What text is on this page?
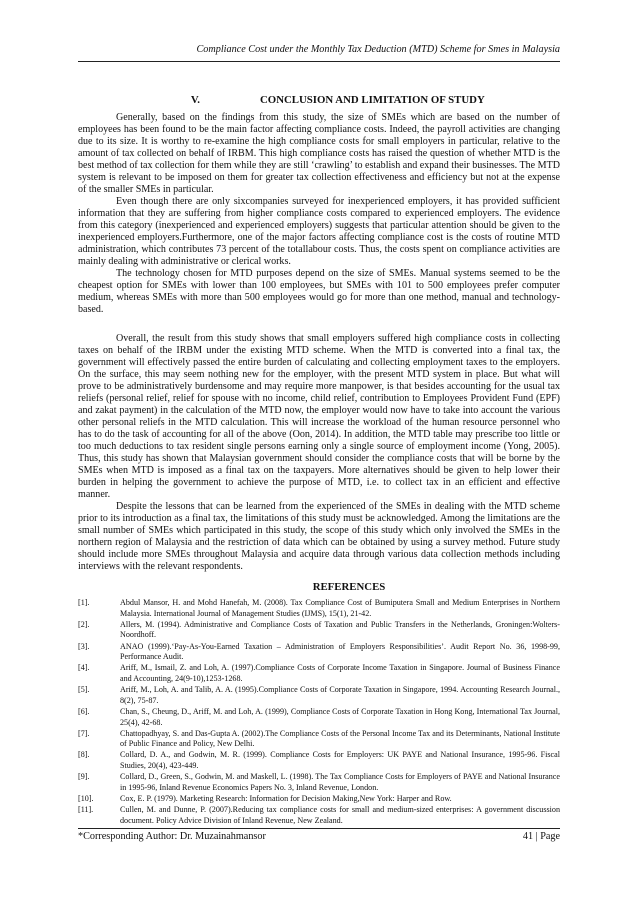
Compliance Cost under the Monthly Tax Deduction (MTD) Scheme for Smes in Malaysia
V.	CONCLUSION AND LIMITATION OF STUDY

Generally, based on the findings from this study, the size of SMEs which are based on the number of employees has been found to be the main factor affecting compliance costs. Indeed, the payroll activities are changing due to its size. It is worthy to re-examine the high compliance costs for small employers in particular, relative to the amount of tax collected on behalf of IRBM. This high compliance costs has raised the question of whether MTD is the best method of tax collection for them while they are still ‘crawling’ to establish and expand their businesses. The MTD system is relevant to be imposed on them for greater tax collection effectiveness and efficiency but not at the expense of the smaller SMEs in particular.

Even though there are only sixcompanies surveyed for inexperienced employers, it has provided sufficient information that they are suffering from higher compliance costs compared to experienced employers. The evidence from this category (inexperienced and experienced employers) suggests that particular attention should be given to the inexperienced employers.Furthermore, one of the major factors affecting compliance cost is the costs of routine MTD administration, which contributes 73 percent of the totallabour costs. Thus, the costs spent on compliance activities are mainly dealing with administrative or clerical works.

The technology chosen for MTD purposes depend on the size of SMEs. Manual systems seemed to be the cheapest option for SMEs with lower than 100 employees, but SMEs with 101 to 500 employees prefer computer medium, whereas SMEs with more than 500 employees would go for more than one method, manual and technology-based.

Overall, the result from this study shows that small employers suffered high compliance costs in collecting taxes on behalf of the IRBM under the existing MTD scheme. When the MTD is converted into a final tax, the government will effectively passed the entire burden of calculating and collecting employment taxes to the employers. On the surface, this may seem nothing new for the employer, with the present MTD system in place. But what will prove to be administratively burdensome and may require more manpower, is that besides accounting for the usual tax reliefs (personal relief, relief for spouse with no income, child relief, contribution to Employees Provident Fund (EPF) and zakat payment) in the calculation of the MTD now, the employer would now have to take into account the various other personal reliefs in the MTD calculation. This will increase the workload of the human resource personnel who has to do the task of accounting for all of the above (Oon, 2014). In addition, the MTD table may prescribe too little or too much deductions to tax resident single persons earning only a single source of employment income (Yong, 2005). Thus, this study has shown that Malaysian government should consider the compliance costs that will be borne by the SMEs when MTD is imposed as a final tax on the taxpayers. More alternatives should be given to help lower their burden in helping the government to achieve the purpose of MTD, i.e. to collect tax in an efficient and effective manner.

Despite the lessons that can be learned from the experienced of the SMEs in dealing with the MTD scheme prior to its introduction as a final tax, the limitations of this study must be acknowledged. Among the limitations are the small number of SMEs which participated in this study, the scope of this study which only involved the SMEs in the northern region of Malaysia and the restriction of data which can be obtained by using a survey method. Future study should include more SMEs throughout Malaysia and acquire data through various data collection methods including interviews with the relevant respondents.

REFERENCES
[1].	Abdul Mansor, H. and Mohd Hanefah, M. (2008). Tax Compliance Cost of Bumiputera Small and Medium Enterprises in Northern Malaysia. International Journal of Management Studies (IJMS), 15(1), 21-42.
[2].	Allers, M. (1994). Administrative and Compliance Costs of Taxation and Public Transfers in the Netherlands, Groningen:Wolters-Noordhoff.
[3].	ANAO (1999).‘Pay-As-You-Earned Taxation – Administration of Employers Responsibilities’. Audit Report No. 36, 1998-99, Performance Audit.
[4].	Ariff, M., Ismail, Z. and Loh, A. (1997).Compliance Costs of Corporate Income Taxation in Singapore. Journal of Business Finance and Accounting, 24(9-10),1253-1268.
[5].	Ariff, M., Loh, A. and Talib, A. A. (1995).Compliance Costs of Corporate Taxation in Singapore, 1994. Accounting Research Journal., 8(2), 75-87.
[6].	Chan, S., Cheung, D., Ariff, M. and Loh, A. (1999), Compliance Costs of Corporate Taxation in Hong Kong, International Tax Journal, 25(4), 42-68.
[7].	Chattopadhyay, S. and Das-Gupta A. (2002).The Compliance Costs of the Personal Income Tax and its Determinants, National Institute of Public Finance and Policy, New Delhi.
[8].	Collard, D. A., and Godwin, M. R. (1999). Compliance Costs for Employers: UK PAYE and National Insurance, 1995-96. Fiscal Studies, 20(4), 423-449.
[9].	Collard, D., Green, S., Godwin, M. and Maskell, L. (1998). The Tax Compliance Costs for Employers of PAYE and National Insurance in 1995-96, Inland Revenue Economics Papers No. 3, Inland Revenue, London.
[10].	Cox, E. P. (1979). Marketing Research: Information for Decision Making,New York: Harper and Row.
[11].	Cullen, M. and Dunne, P. (2007).Reducing tax compliance costs for small and medium-sized enterprises: A government discussion document. Policy Advice Division of Inland Revenue, New Zealand.
*Corresponding Author: Dr. Muzainahmansor	41 | Page
